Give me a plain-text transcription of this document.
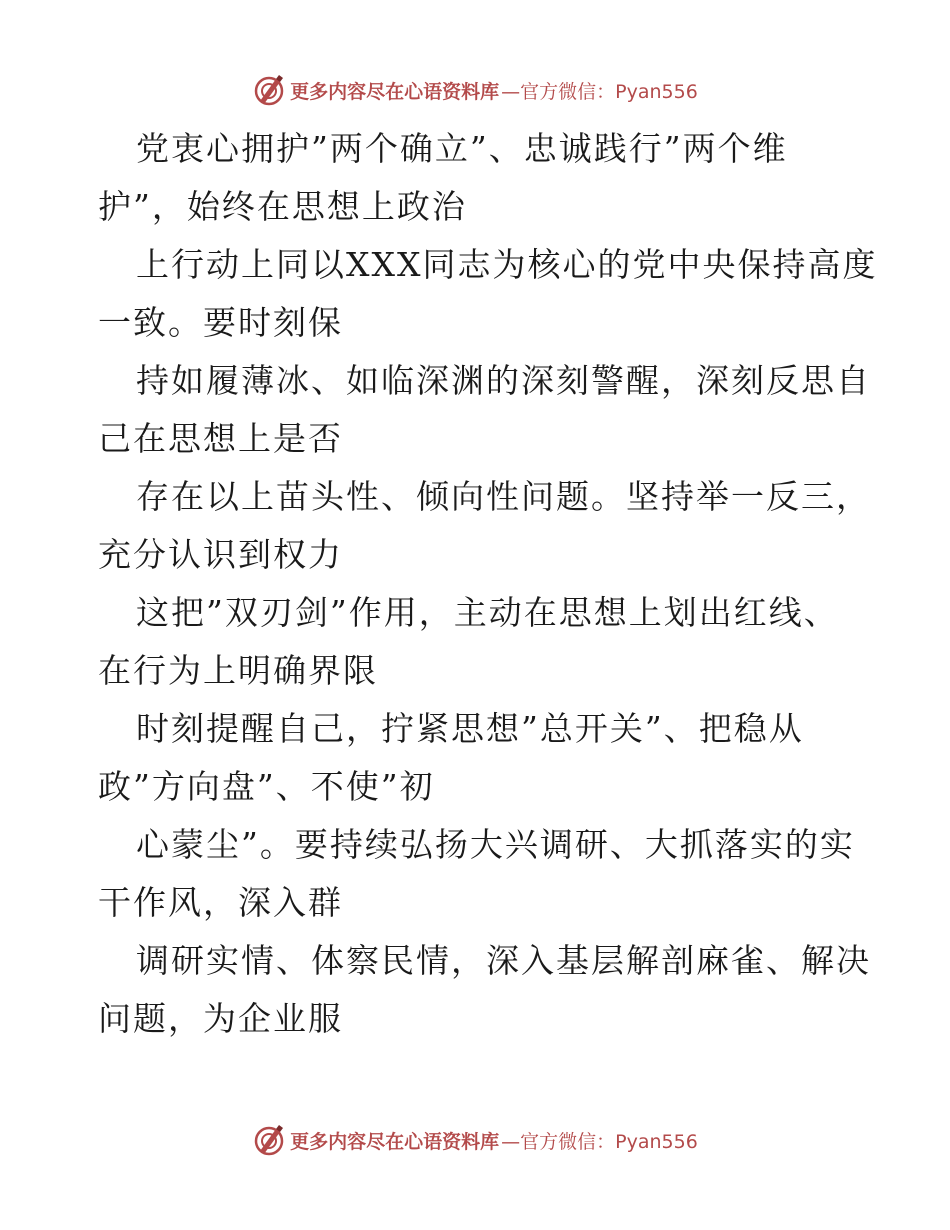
更多内容尽在心语资料库 —官方微信：Pyan556
党衷心拥护”两个确立”、忠诚践行”两个维
护”，始终在思想上政治
上行动上同以XXX同志为核心的党中央保持高度
一致。要时刻保
持如履薄冰、如临深渊的深刻警醒，深刻反思自
己在思想上是否
存在以上苗头性、倾向性问题。坚持举一反三，
充分认识到权力
这把”双刃剑”作用，主动在思想上划出红线、
在行为上明确界限
时刻提醒自己，拧紧思想”总开关”、把稳从
政”方向盘”、不使”初
心蒙尘”。要持续弘扬大兴调研、大抓落实的实
干作风，深入群
调研实情、体察民情，深入基层解剖麻雀、解决
问题，为企业服
更多内容尽在心语资料库 —官方微信：Pyan556
